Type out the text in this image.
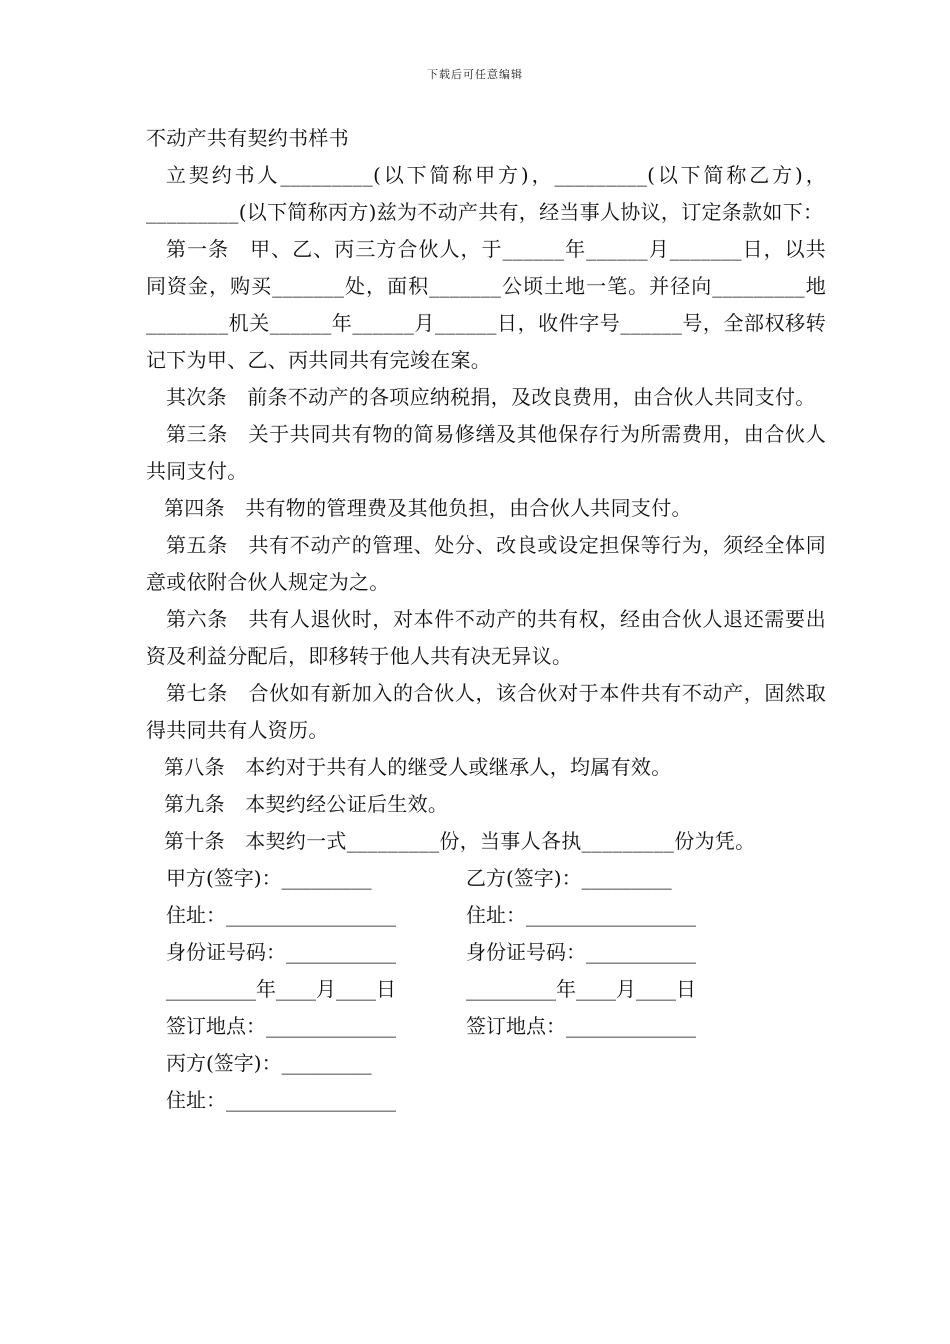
下载后可任意编辑

不动产共有契约书样书

立契约书人_________(以下简称甲方)，_________(以下简称乙方)，_________(以下简称丙方)兹为不动产共有，经当事人协议，订定条款如下：

第一条　甲、乙、丙三方合伙人，于______年______月_______日，以共同资金，购买_______处，面积_______公顷土地一笔。并径向_________地________机关______年______月______日，收件字号______号，全部权移转记下为甲、乙、丙共同共有完竣在案。

其次条　前条不动产的各项应纳税捐，及改良费用，由合伙人共同支付。

第三条　关于共同共有物的简易修缮及其他保存行为所需费用，由合伙人共同支付。

第四条　共有物的管理费及其他负担，由合伙人共同支付。

第五条　共有不动产的管理、处分、改良或设定担保等行为，须经全体同意或依附合伙人规定为之。

第六条　共有人退伙时，对本件不动产的共有权，经由合伙人退还需要出资及利益分配后，即移转于他人共有决无异议。

第七条　合伙如有新加入的合伙人，该合伙对于本件共有不动产，固然取得共同共有人资历。

第八条　本约对于共有人的继受人或继承人，均属有效。

第九条　本契约经公证后生效。

第十条　本契约一式_________份，当事人各执_________份为凭。

甲方(签字)：_________	乙方(签字)：_________
住址：_________________	住址：_________________
身份证号码：___________	身份证号码：___________
_________年____月____日	_________年____月____日
签订地点：_____________	签订地点：_____________
丙方(签字)：_________
住址：_________________
